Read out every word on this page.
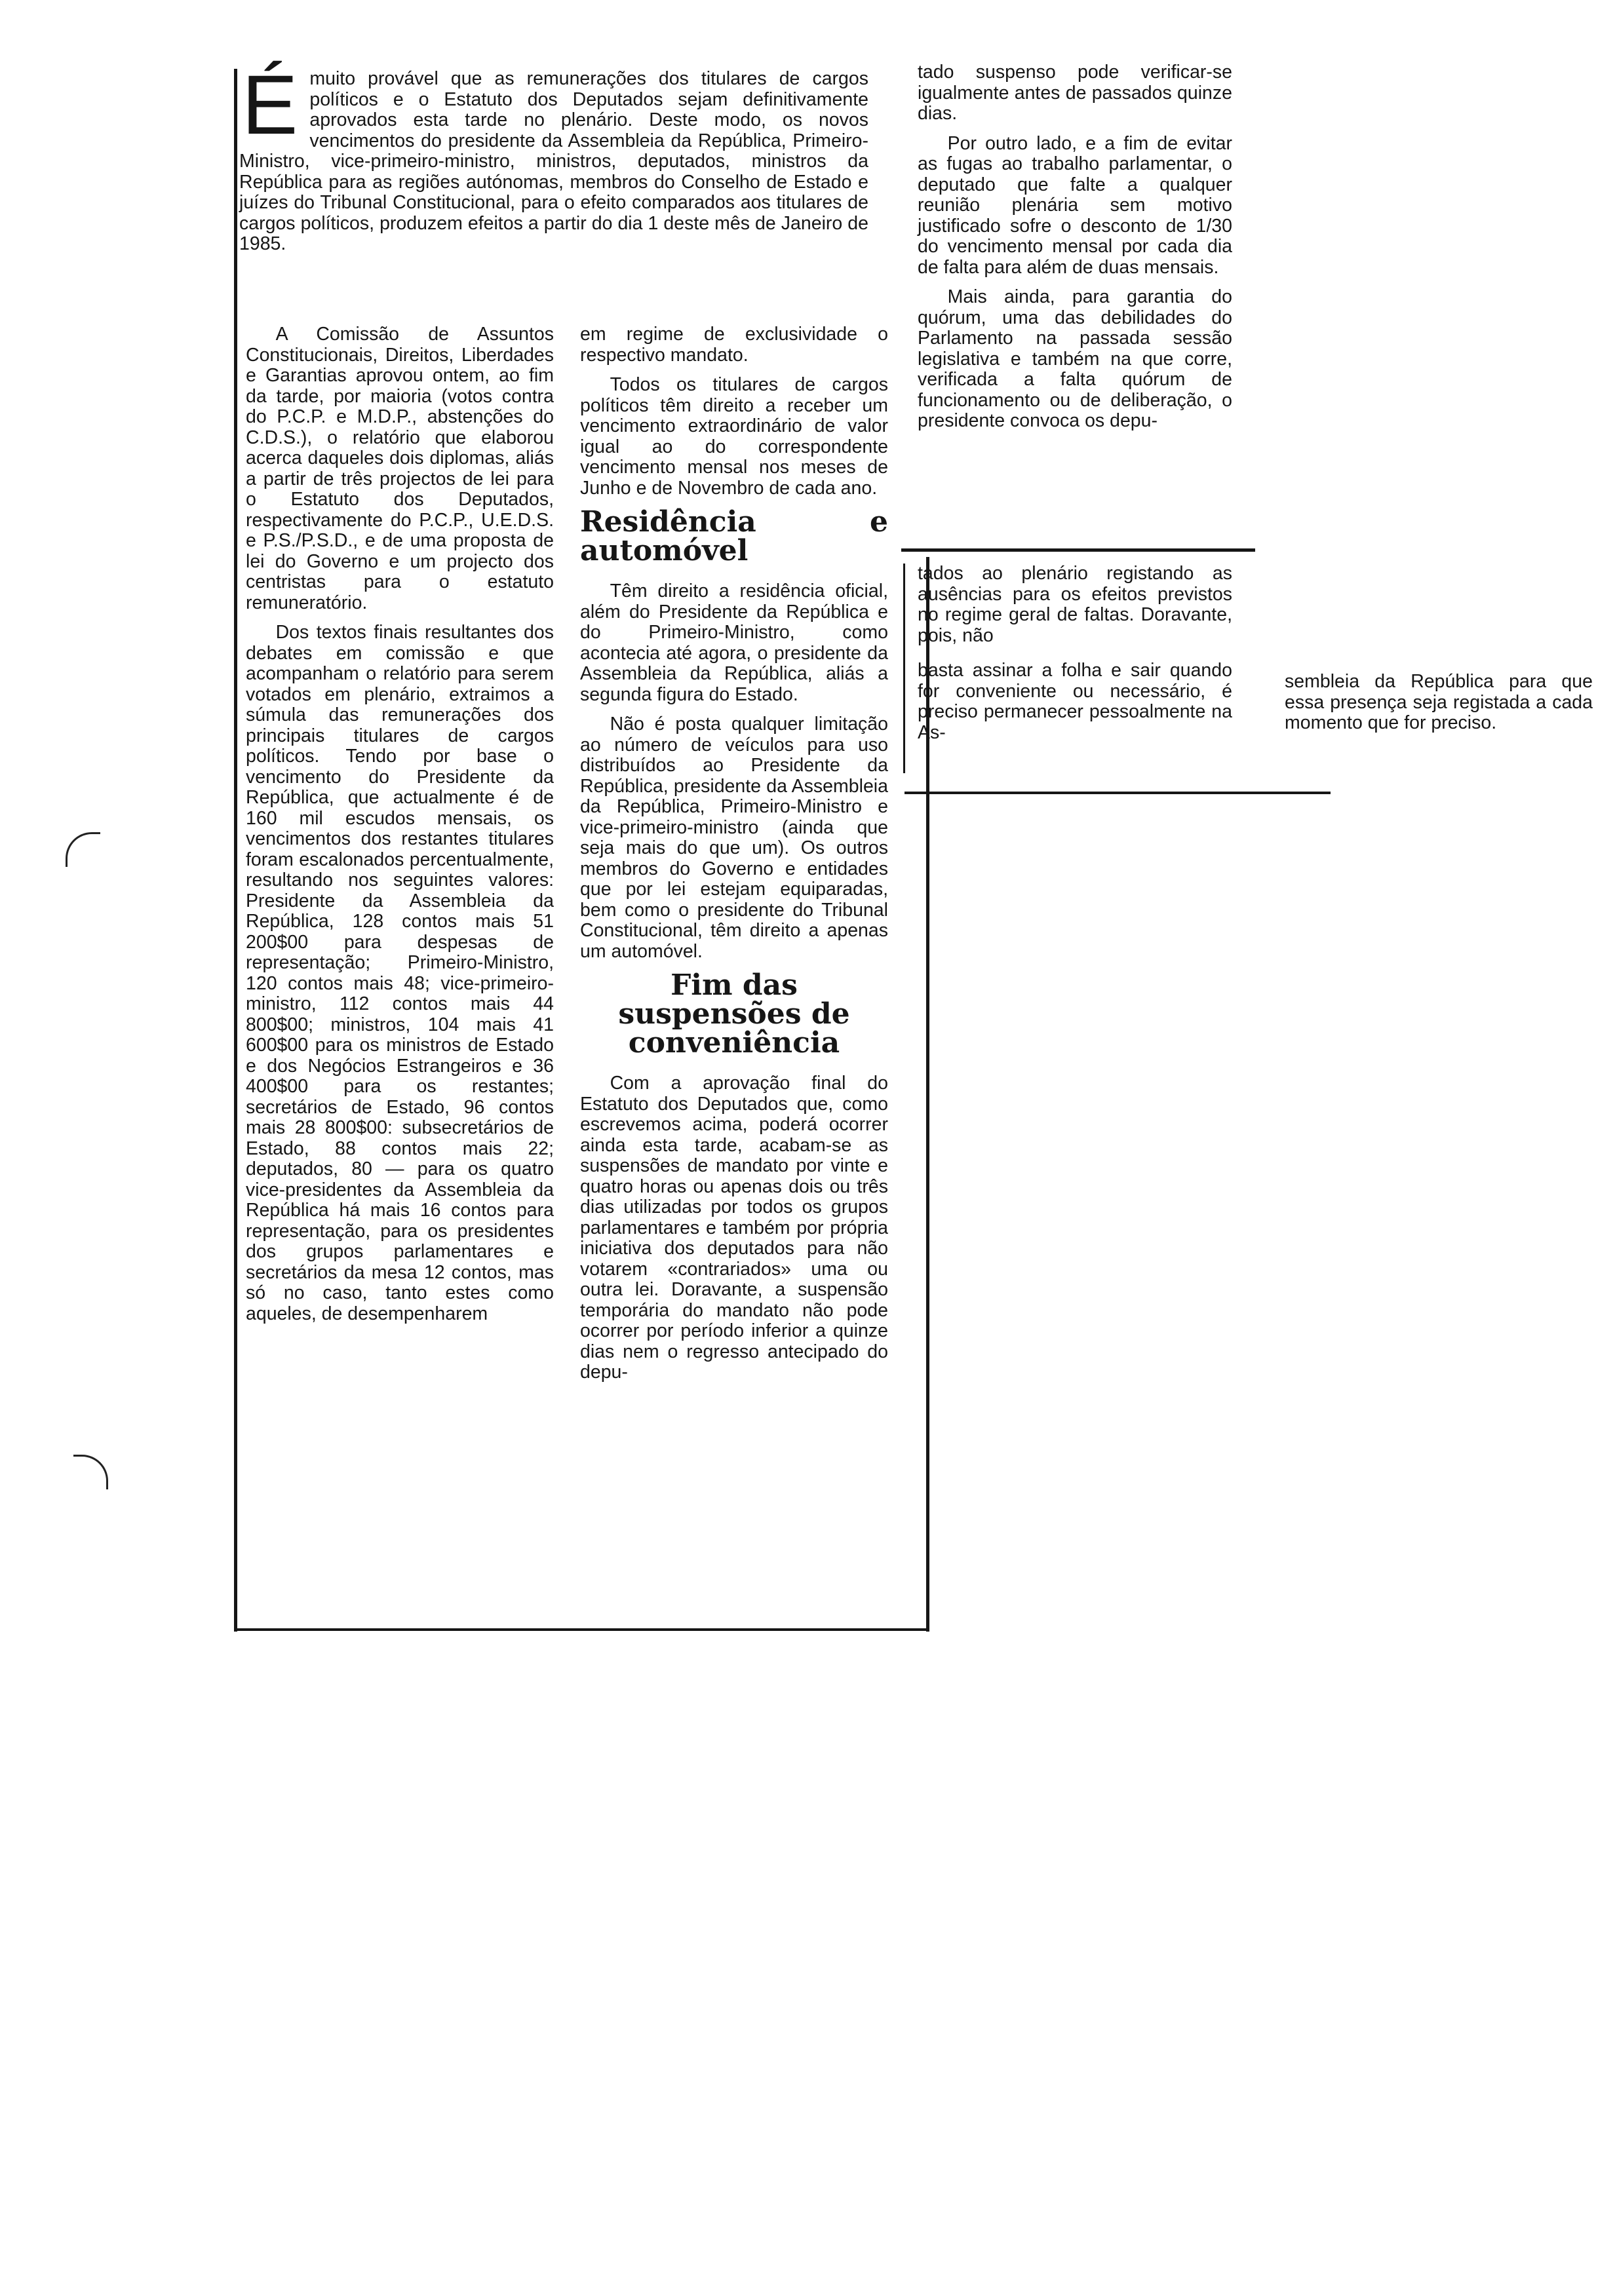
É muito provável que as remunerações dos titulares de cargos políticos e o Estatuto dos Deputados sejam definitivamente aprovados esta tarde no plenário. Deste modo, os novos vencimentos do presidente da Assembleia da República, Primeiro-Ministro, vice-primeiro-ministro, ministros, deputados, ministros da República para as regiões autónomas, membros do Conselho de Estado e juízes do Tribunal Constitucional, para o efeito comparados aos titulares de cargos políticos, produzem efeitos a partir do dia 1 deste mês de Janeiro de 1985.

A Comissão de Assuntos Constitucionais, Direitos, Liberdades e Garantias aprovou ontem, ao fim da tarde, por maioria (votos contra do P.C.P. e M.D.P., abstenções do C.D.S.), o relatório que elaborou acerca daqueles dois diplomas, aliás a partir de três projectos de lei para o Estatuto dos Deputados, respectivamente do P.C.P., U.E.D.S. e P.S./P.S.D., e de uma proposta de lei do Governo e um projecto dos centristas para o estatuto remuneratório.

Dos textos finais resultantes dos debates em comissão e que acompanham o relatório para serem votados em plenário, extraimos a súmula das remunerações dos principais titulares de cargos políticos. Tendo por base o vencimento do Presidente da República, que actualmente é de 160 mil escudos mensais, os vencimentos dos restantes titulares foram escalonados percentualmente, resultando nos seguintes valores: Presidente da Assembleia da República, 128 contos mais 51 200$00 para despesas de representação; Primeiro-Ministro, 120 contos mais 48; vice-primeiro-ministro, 112 contos mais 44 800$00; ministros, 104 mais 41 600$00 para os ministros de Estado e dos Negócios Estrangeiros e 36 400$00 para os restantes; secretários de Estado, 96 contos mais 28 800$00: subsecretários de Estado, 88 contos mais 22; deputados, 80 — para os quatro vice-presidentes da Assembleia da República há mais 16 contos para representação, para os presidentes dos grupos parlamentares e secretários da mesa 12 contos, mas só no caso, tanto estes como aqueles, de desempenharem

em regime de exclusividade o respectivo mandato.

Todos os titulares de cargos políticos têm direito a receber um vencimento extraordinário de valor igual ao do correspondente vencimento mensal nos meses de Junho e de Novembro de cada ano.

Residência e automóvel

Têm direito a residência oficial, além do Presidente da República e do Primeiro-Ministro, como acontecia até agora, o presidente da Assembleia da República, aliás a segunda figura do Estado.

Não é posta qualquer limitação ao número de veículos para uso distribuídos ao Presidente da República, presidente da Assembleia da República, Primeiro-Ministro e vice-primeiro-ministro (ainda que seja mais do que um). Os outros membros do Governo e entidades que por lei estejam equiparadas, bem como o presidente do Tribunal Constitucional, têm direito a apenas um automóvel.

Fim das suspensões de conveniência

Com a aprovação final do Estatuto dos Deputados que, como escrevemos acima, poderá ocorrer ainda esta tarde, acabam-se as suspensões de mandato por vinte e quatro horas ou apenas dois ou três dias utilizadas por todos os grupos parlamentares e também por própria iniciativa dos deputados para não votarem «contrariados» uma ou outra lei. Doravante, a suspensão temporária do mandato não pode ocorrer por período inferior a quinze dias nem o regresso antecipado do depu-

tado suspenso pode verificar-se igualmente antes de passados quinze dias.

Por outro lado, e a fim de evitar as fugas ao trabalho parlamentar, o deputado que falte a qualquer reunião plenária sem motivo justificado sofre o desconto de 1/30 do vencimento mensal por cada dia de falta para além de duas mensais.

Mais ainda, para garantia do quórum, uma das debilidades do Parlamento na passada sessão legislativa e também na que corre, verificada a falta quórum de funcionamento ou de deliberação, o presidente convoca os depu-

tados ao plenário registando as ausências para os efeitos previstos no regime geral de faltas. Doravante, pois, não

basta assinar a folha e sair quando for conveniente ou necessário, é preciso permanecer pessoalmente na As-

sembleia da República para que essa presença seja registada a cada momento que for preciso.
